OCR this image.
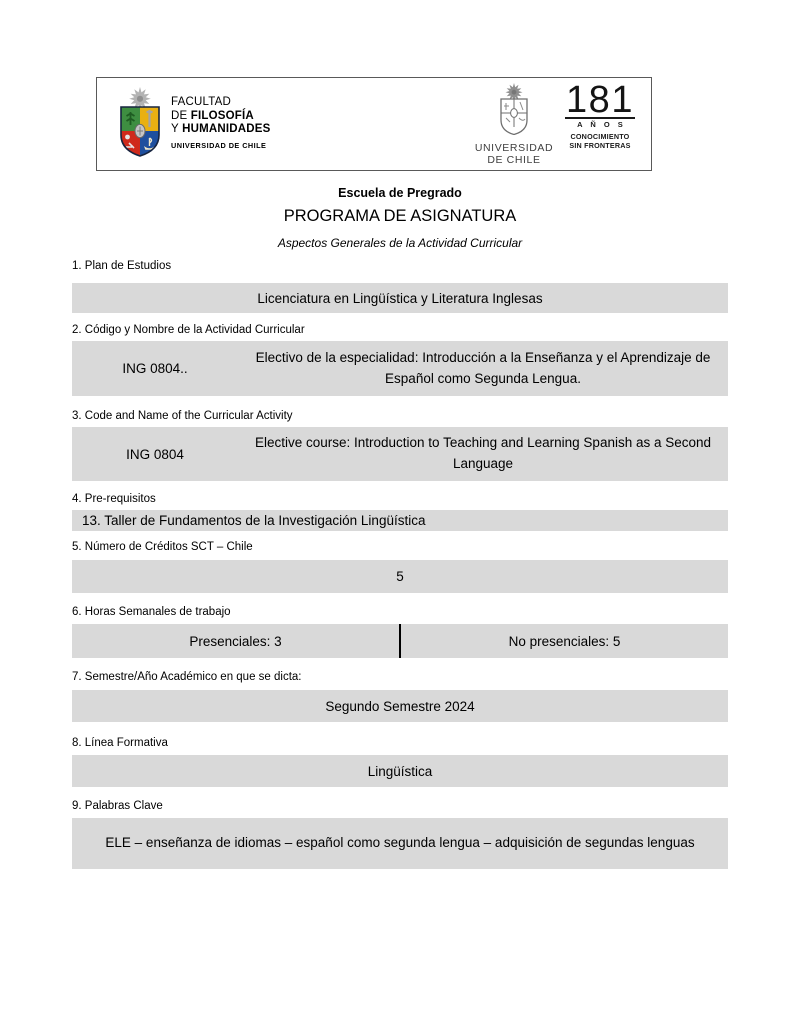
FACULTAD
DE FILOSOFÍA
Y HUMANIDADES
UNIVERSIDAD DE CHILE	UNIVERSIDAD
DE CHILE
181
A Ñ O S
CONOCIMIENTO
SIN FRONTERAS
Escuela de Pregrado
PROGRAMA DE ASIGNATURA
Aspectos Generales de la Actividad Curricular
1. Plan de Estudios
Licenciatura en Lingüística y Literatura Inglesas
2. Código y Nombre de la Actividad Curricular
ING 0804..
Electivo de la especialidad: Introducción a la Enseñanza y el Aprendizaje de Español como Segunda Lengua.
3. Code and Name of the Curricular Activity
ING 0804
Elective course: Introduction to Teaching and Learning Spanish as a Second Language
4. Pre-requisitos
13. Taller de Fundamentos de la Investigación Lingüística
5. Número de Créditos SCT – Chile
5
6. Horas Semanales de trabajo
Presenciales: 3	No presenciales: 5
7. Semestre/Año Académico en que se dicta:
Segundo Semestre 2024
8. Línea Formativa
Lingüística
9. Palabras Clave
ELE – enseñanza de idiomas – español como segunda lengua – adquisición de segundas lenguas
